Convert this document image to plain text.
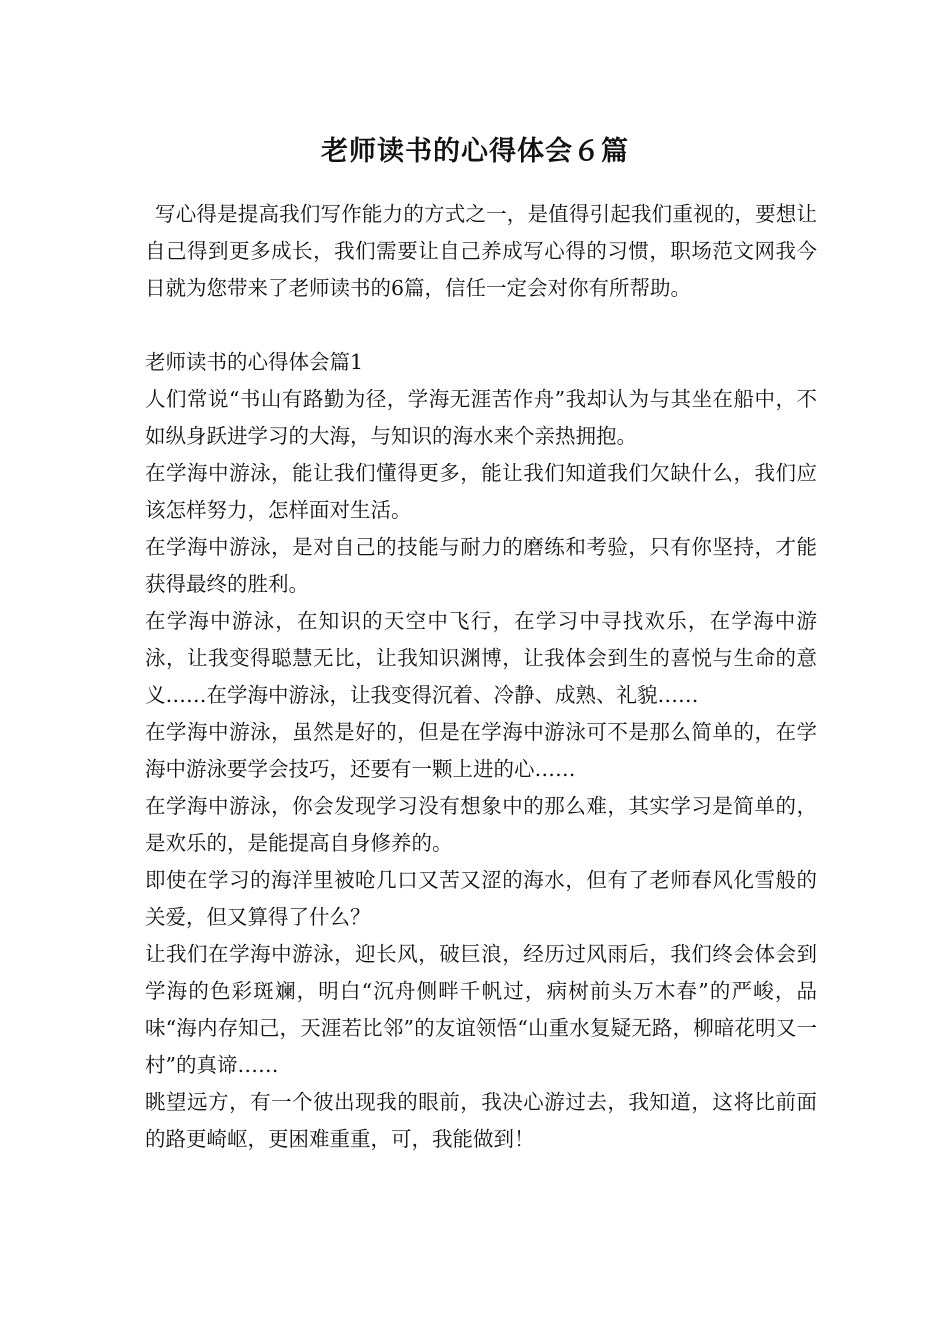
老师读书的心得体会６篇

写心得是提高我们写作能力的方式之一，是值得引起我们重视的，要想让自己得到更多成长，我们需要让自己养成写心得的习惯，职场范文网我今日就为您带来了老师读书的6篇，信任一定会对你有所帮助。

老师读书的心得体会篇1

人们常说“书山有路勤为径，学海无涯苦作舟”我却认为与其坐在船中，不如纵身跃进学习的大海，与知识的海水来个亲热拥抱。

在学海中游泳，能让我们懂得更多，能让我们知道我们欠缺什么，我们应该怎样努力，怎样面对生活。

在学海中游泳，是对自己的技能与耐力的磨练和考验，只有你坚持，才能获得最终的胜利。

在学海中游泳，在知识的天空中飞行，在学习中寻找欢乐，在学海中游泳，让我变得聪慧无比，让我知识渊博，让我体会到生的喜悦与生命的意义……在学海中游泳，让我变得沉着、冷静、成熟、礼貌……

在学海中游泳，虽然是好的，但是在学海中游泳可不是那么简单的，在学海中游泳要学会技巧，还要有一颗上进的心……

在学海中游泳，你会发现学习没有想象中的那么难，其实学习是简单的，是欢乐的，是能提高自身修养的。

即使在学习的海洋里被呛几口又苦又涩的海水，但有了老师春风化雪般的关爱，但又算得了什么？

让我们在学海中游泳，迎长风，破巨浪，经历过风雨后，我们终会体会到学海的色彩斑斓，明白“沉舟侧畔千帆过，病树前头万木春”的严峻，品味“海内存知己，天涯若比邻”的友谊领悟“山重水复疑无路，柳暗花明又一村”的真谛……

眺望远方，有一个彼出现我的眼前，我决心游过去，我知道，这将比前面的路更崎岖，更困难重重，可，我能做到！
